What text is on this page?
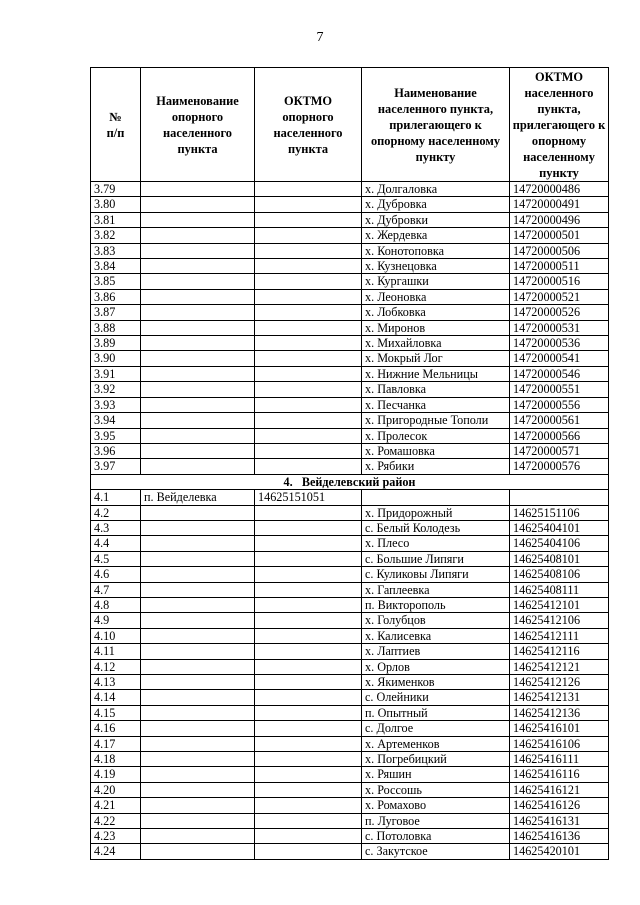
7
№
п/п	Наименование опорного населенного пункта	ОКТМО опорного населенного пункта	Наименование населенного пункта, прилегающего к опорному населенному пункту	ОКТМО населенного пункта, прилегающего к опорному населенному пункту
3.79			х. Долгаловка	14720000486
3.80			х. Дубровка	14720000491
3.81			х. Дубровки	14720000496
3.82			х. Жердевка	14720000501
3.83			х. Конотоповка	14720000506
3.84			х. Кузнецовка	14720000511
3.85			х. Кургашки	14720000516
3.86			х. Леоновка	14720000521
3.87			х. Лобковка	14720000526
3.88			х. Миронов	14720000531
3.89			х. Михайловка	14720000536
3.90			х. Мокрый Лог	14720000541
3.91			х. Нижние Мельницы	14720000546
3.92			х. Павловка	14720000551
3.93			х. Песчанка	14720000556
3.94			х. Пригородные Тополи	14720000561
3.95			х. Пролесок	14720000566
3.96			х. Ромашовка	14720000571
3.97			х. Рябики	14720000576
4.   Вейделевский район				
4.1	п. Вейделевка	14625151051		
4.2			х. Придорожный	14625151106
4.3			с. Белый Колодезь	14625404101
4.4			х. Плесо	14625404106
4.5			с. Большие Липяги	14625408101
4.6			с. Куликовы Липяги	14625408106
4.7			х. Гаплеевка	14625408111
4.8			п. Викторополь	14625412101
4.9			х. Голубцов	14625412106
4.10			х. Калисевка	14625412111
4.11			х. Лаптиев	14625412116
4.12			х. Орлов	14625412121
4.13			х. Якименков	14625412126
4.14			с. Олейники	14625412131
4.15			п. Опытный	14625412136
4.16			с. Долгое	14625416101
4.17			х. Артеменков	14625416106
4.18			х. Погребицкий	14625416111
4.19			х. Ряшин	14625416116
4.20			х. Россошь	14625416121
4.21			х. Ромахово	14625416126
4.22			п. Луговое	14625416131
4.23			с. Потоловка	14625416136
4.24			с. Закутское	14625420101
